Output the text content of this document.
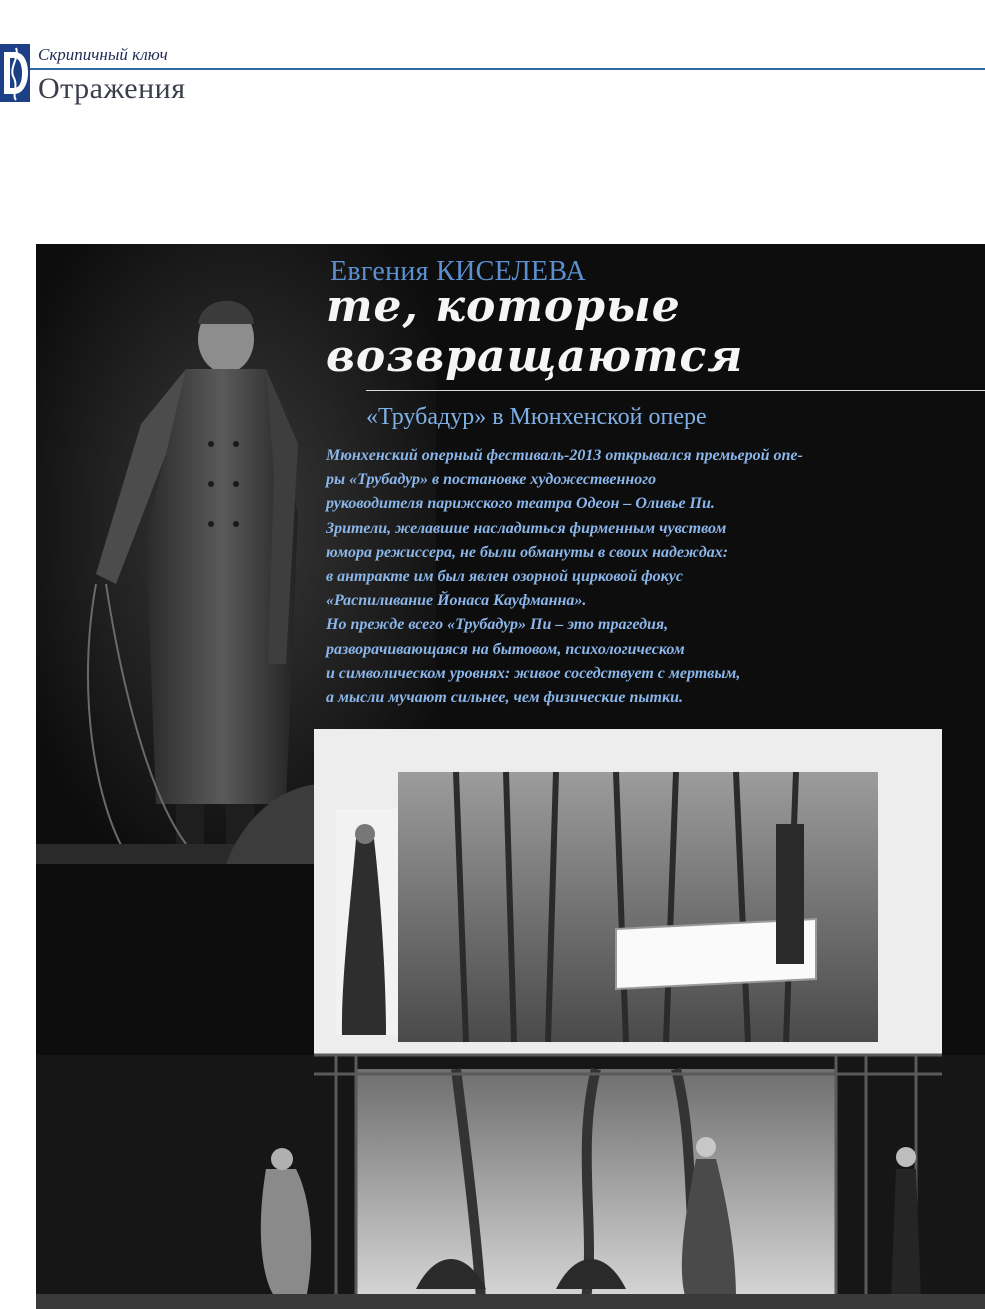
Скрипичный ключ
Отражения
Евгения КИСЕЛЕВА
те, которые
возвращаются
«Трубадур» в Мюнхенской опере
Мюнхенский оперный фестиваль-2013 открывался премьерой опе-
ры «Трубадур» в постановке художественного
руководителя парижского театра Одеон – Оливье Пи.
Зрители, желавшие насладиться фирменным чувством
юмора режиссера, не были обмануты в своих надеждах:
в антракте им был явлен озорной цирковой фокус
«Распиливание Йонаса Кауфманна».
Но прежде всего «Трубадур» Пи – это трагедия,
разворачивающаяся на бытовом, психологическом
и символическом уровнях: живое соседствует с мертвым,
а мысли мучают сильнее, чем физические пытки.
